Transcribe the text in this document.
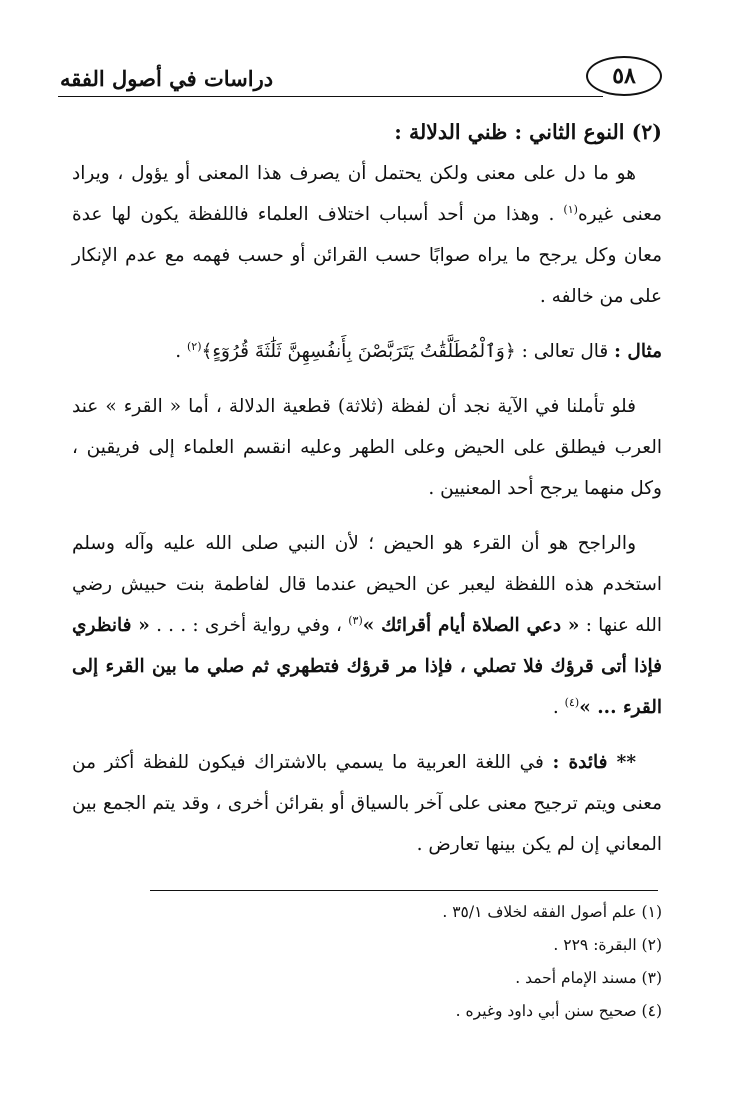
دراسات في أصول الفقه	٥٨

(٢) النوع الثاني : ظني الدلالة :

هو ما دل على معنى ولكن يحتمل أن يصرف هذا المعنى أو يؤول ، ويراد معنى غيره$^{(١)}$ . وهذا من أحد أسباب اختلاف العلماء فاللفظة يكون لها عدة معان وكل يرجح ما يراه صوابًا حسب القرائن أو حسب فهمه مع عدم الإنكار على من خالفه .

مثال : قال تعالى : ﴿وَٱلْمُطَلَّقَٰتُ يَتَرَبَّصْنَ بِأَنفُسِهِنَّ ثَلَٰثَةَ قُرُوٓءٍ﴾$^{(٢)}$ .

فلو تأملنا في الآية نجد أن لفظة (ثلاثة) قطعية الدلالة ، أما « القرء » عند العرب فيطلق على الحيض وعلى الطهر وعليه انقسم العلماء إلى فريقين ، وكل منهما يرجح أحد المعنيين .

والراجح هو أن القرء هو الحيض ؛ لأن النبي صلى الله عليه وآله وسلم استخدم هذه اللفظة ليعبر عن الحيض عندما قال لفاطمة بنت حبيش رضي الله عنها : « دعي الصلاة أيام أقرائك »$^{(٣)}$ ، وفي رواية أخرى : . . . « فانظري فإذا أتى قرؤك فلا تصلي ، فإذا مر قرؤك فتطهري ثم صلي ما بين القرء إلى القرء ... »$^{(٤)}$ .

** فائدة : في اللغة العربية ما يسمي بالاشتراك فيكون للفظة أكثر من معنى ويتم ترجيح معنى على آخر بالسياق أو بقرائن أخرى ، وقد يتم الجمع بين المعاني إن لم يكن بينها تعارض .

(١) علم أصول الفقه لخلاف ٣٥/١ .
(٢) البقرة: ٢٢٩ .
(٣) مسند الإمام أحمد .
(٤) صحيح سنن أبي داود وغيره .
